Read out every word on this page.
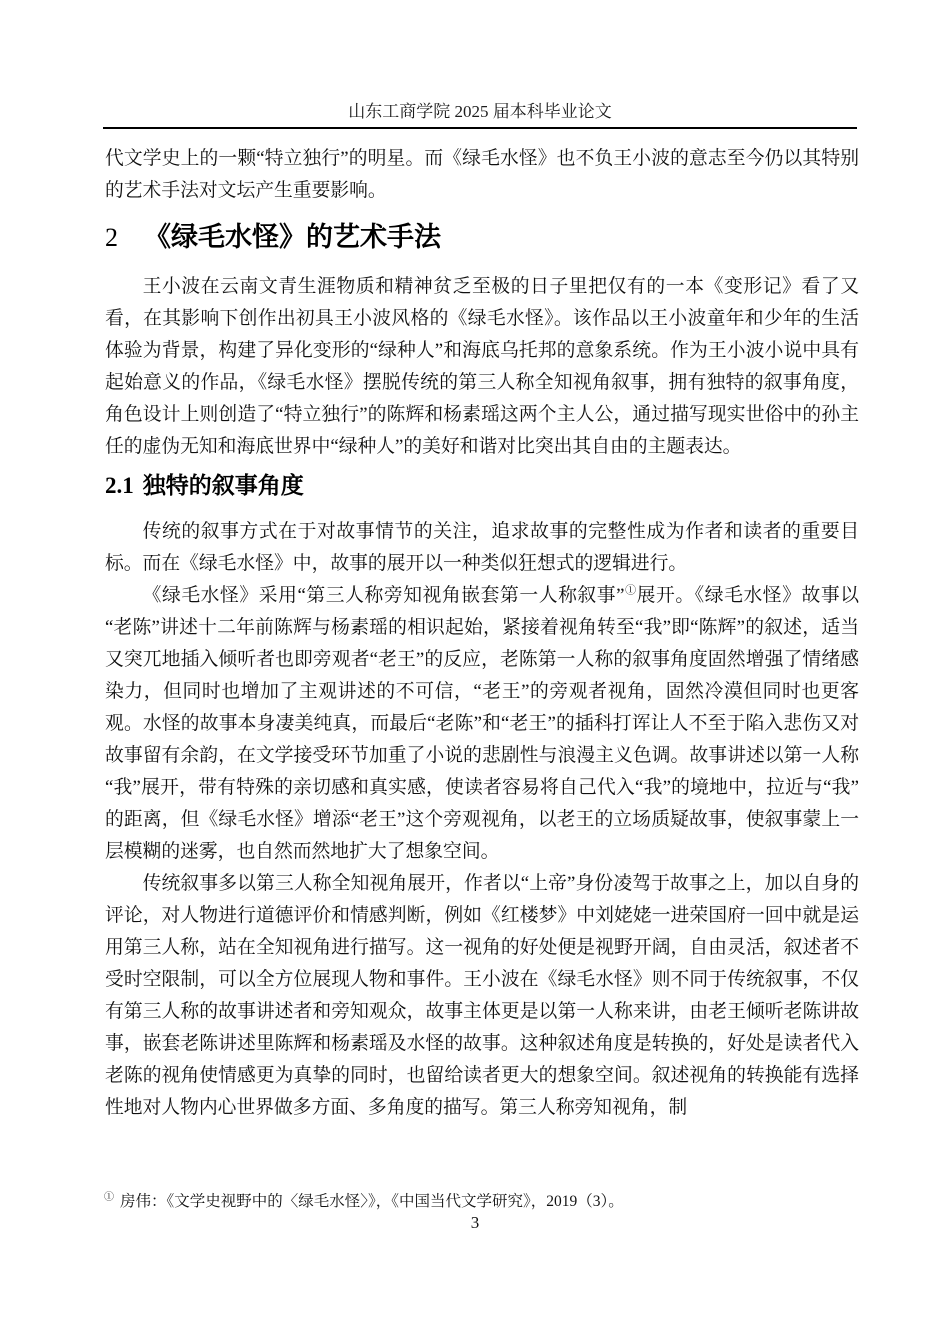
山东工商学院 2025 届本科毕业论文

代文学史上的一颗“特立独行”的明星。而《绿毛水怪》也不负王小波的意志至今仍以其特别的艺术手法对文坛产生重要影响。

2 《绿毛水怪》的艺术手法

王小波在云南文青生涯物质和精神贫乏至极的日子里把仅有的一本《变形记》看了又看，在其影响下创作出初具王小波风格的《绿毛水怪》。该作品以王小波童年和少年的生活体验为背景，构建了异化变形的“绿种人”和海底乌托邦的意象系统。作为王小波小说中具有起始意义的作品，《绿毛水怪》摆脱传统的第三人称全知视角叙事，拥有独特的叙事角度，角色设计上则创造了“特立独行”的陈辉和杨素瑶这两个主人公，通过描写现实世俗中的孙主任的虚伪无知和海底世界中“绿种人”的美好和谐对比突出其自由的主题表达。

2.1 独特的叙事角度

传统的叙事方式在于对故事情节的关注，追求故事的完整性成为作者和读者的重要目标。而在《绿毛水怪》中，故事的展开以一种类似狂想式的逻辑进行。

《绿毛水怪》采用“第三人称旁知视角嵌套第一人称叙事”①展开。《绿毛水怪》故事以“老陈”讲述十二年前陈辉与杨素瑶的相识起始，紧接着视角转至“我”即“陈辉”的叙述，适当又突兀地插入倾听者也即旁观者“老王”的反应，老陈第一人称的叙事角度固然增强了情绪感染力，但同时也增加了主观讲述的不可信，“老王”的旁观者视角，固然冷漠但同时也更客观。水怪的故事本身凄美纯真，而最后“老陈”和“老王”的插科打诨让人不至于陷入悲伤又对故事留有余韵，在文学接受环节加重了小说的悲剧性与浪漫主义色调。故事讲述以第一人称“我”展开，带有特殊的亲切感和真实感，使读者容易将自己代入“我”的境地中，拉近与“我”的距离，但《绿毛水怪》增添“老王”这个旁观视角，以老王的立场质疑故事，使叙事蒙上一层模糊的迷雾，也自然而然地扩大了想象空间。

传统叙事多以第三人称全知视角展开，作者以“上帝”身份凌驾于故事之上，加以自身的评论，对人物进行道德评价和情感判断，例如《红楼梦》中刘姥姥一进荣国府一回中就是运用第三人称，站在全知视角进行描写。这一视角的好处便是视野开阔，自由灵活，叙述者不受时空限制，可以全方位展现人物和事件。王小波在《绿毛水怪》则不同于传统叙事，不仅有第三人称的故事讲述者和旁知观众，故事主体更是以第一人称来讲，由老王倾听老陈讲故事，嵌套老陈讲述里陈辉和杨素瑶及水怪的故事。这种叙述角度是转换的，好处是读者代入老陈的视角使情感更为真挚的同时，也留给读者更大的想象空间。叙述视角的转换能有选择性地对人物内心世界做多方面、多角度的描写。第三人称旁知视角，制

① 房伟：《文学史视野中的〈绿毛水怪〉》，《中国当代文学研究》，2019（3）。
3
